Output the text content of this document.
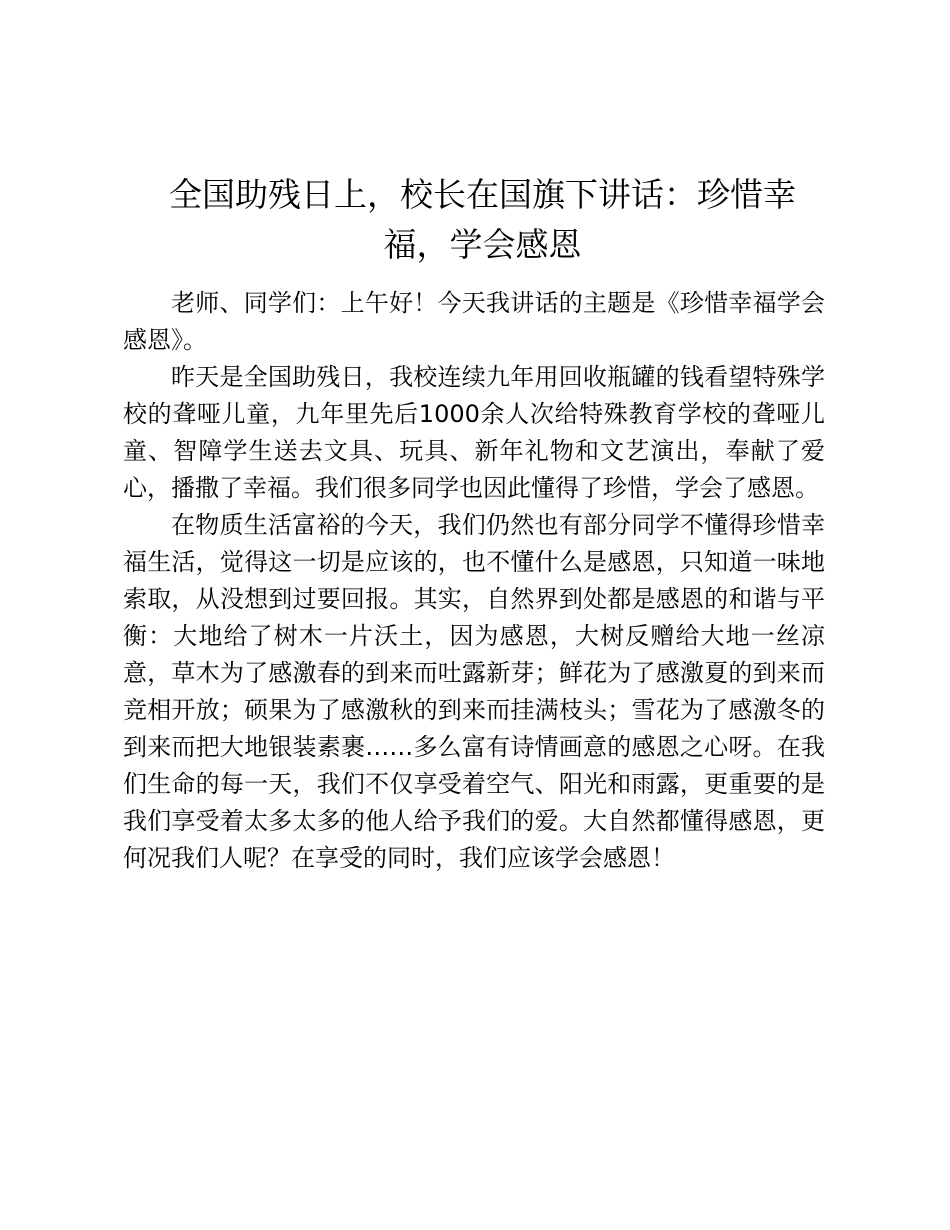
全国助残日上，校长在国旗下讲话：珍惜幸福，学会感恩

老师、同学们：上午好！今天我讲话的主题是《珍惜幸福学会感恩》。

昨天是全国助残日，我校连续九年用回收瓶罐的钱看望特殊学校的聋哑儿童，九年里先后1000余人次给特殊教育学校的聋哑儿童、智障学生送去文具、玩具、新年礼物和文艺演出，奉献了爱心，播撒了幸福。我们很多同学也因此懂得了珍惜，学会了感恩。

在物质生活富裕的今天，我们仍然也有部分同学不懂得珍惜幸福生活，觉得这一切是应该的，也不懂什么是感恩，只知道一味地索取，从没想到过要回报。其实，自然界到处都是感恩的和谐与平衡：大地给了树木一片沃土，因为感恩，大树反赠给大地一丝凉意，草木为了感激春的到来而吐露新芽；鲜花为了感激夏的到来而竞相开放；硕果为了感激秋的到来而挂满枝头；雪花为了感激冬的到来而把大地银装素裹……多么富有诗情画意的感恩之心呀。在我们生命的每一天，我们不仅享受着空气、阳光和雨露，更重要的是我们享受着太多太多的他人给予我们的爱。大自然都懂得感恩，更何况我们人呢？在享受的同时，我们应该学会感恩！
